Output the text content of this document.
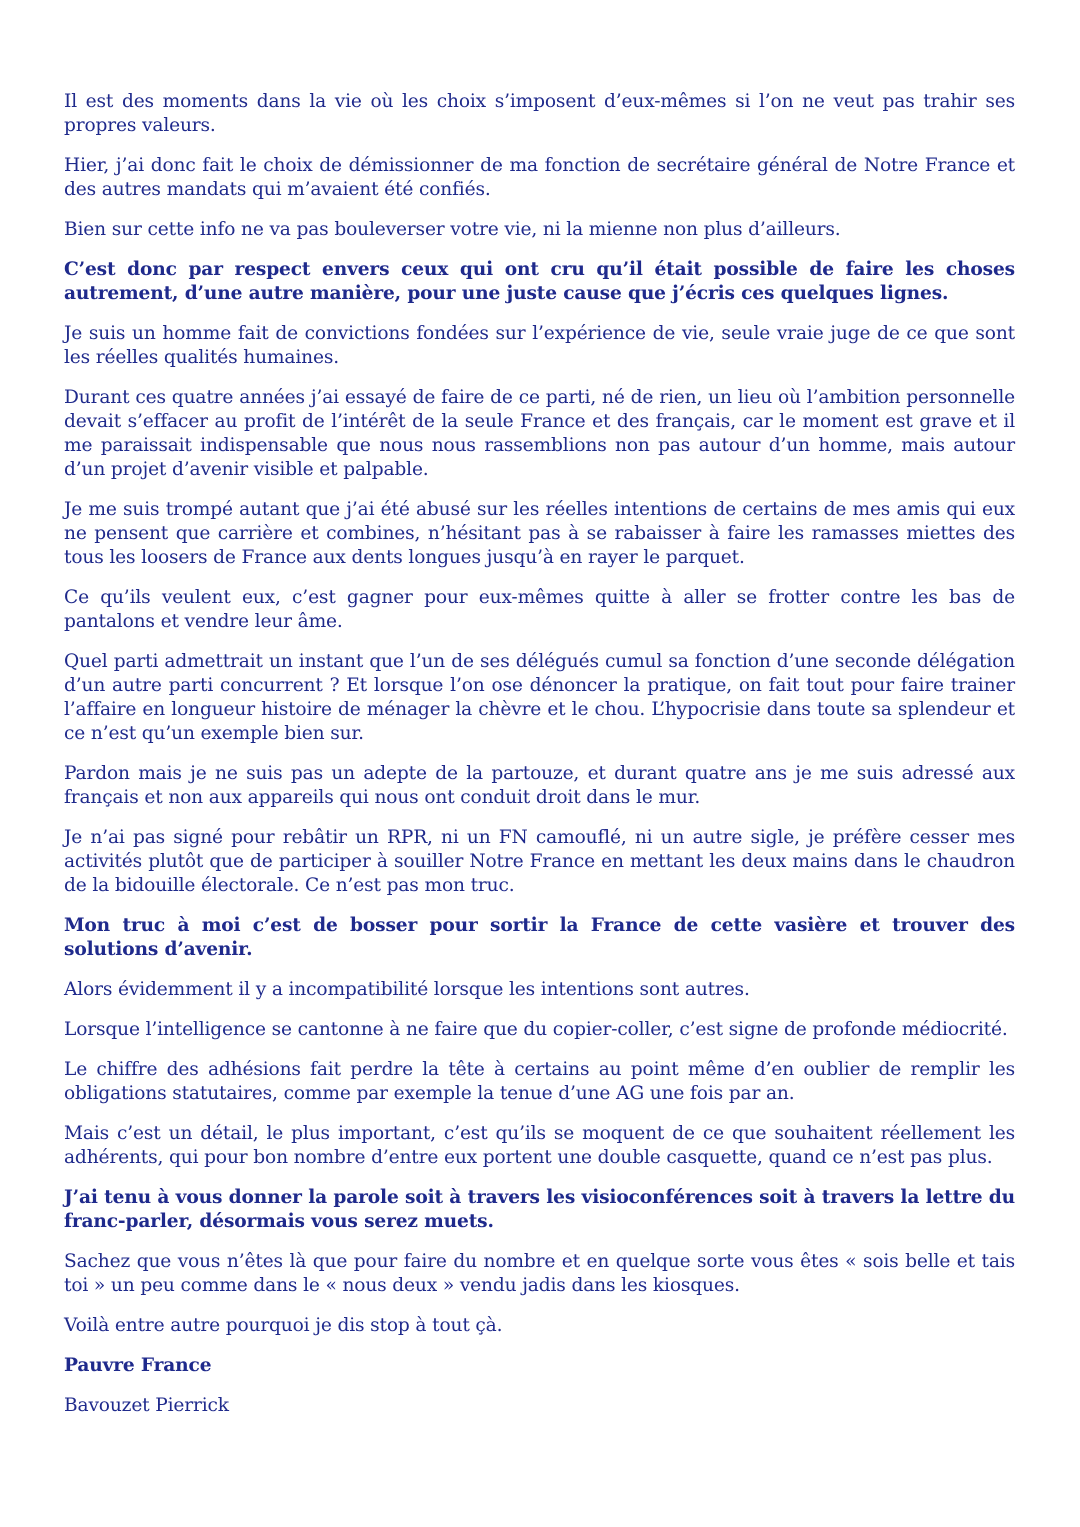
Il est des moments dans la vie où les choix s’imposent d’eux-mêmes si l’on ne veut pas trahir ses propres valeurs.

Hier, j’ai donc fait le choix de démissionner de ma fonction de secrétaire général de Notre France et des autres mandats qui m’avaient été confiés.

Bien sur cette info ne va pas bouleverser votre vie, ni la mienne non plus d’ailleurs.

C’est donc par respect envers ceux qui ont cru qu’il était possible de faire les choses autrement, d’une autre manière, pour une juste cause que j’écris ces quelques lignes.

Je suis un homme fait de convictions fondées sur l’expérience de vie, seule vraie juge de ce que sont les réelles qualités humaines.

Durant ces quatre années j’ai essayé de faire de ce parti, né de rien, un lieu où l’ambition personnelle devait s’effacer au profit de l’intérêt de la seule France et des français, car le moment est grave et il me paraissait indispensable que nous nous rassemblions non pas autour d’un homme, mais autour d’un projet d’avenir visible et palpable.

Je me suis trompé autant que j’ai été abusé sur les réelles intentions de certains de mes amis qui eux ne pensent que carrière et combines, n’hésitant pas à se rabaisser à faire les ramasses miettes des tous les loosers de France aux dents longues jusqu’à en rayer le parquet.

Ce qu’ils veulent eux, c’est gagner pour eux-mêmes quitte à aller se frotter contre les bas de pantalons et vendre leur âme.

Quel parti admettrait un instant que l’un de ses délégués cumul sa fonction d’une seconde délégation d’un autre parti concurrent ? Et lorsque l’on ose dénoncer la pratique, on fait tout pour faire trainer l’affaire en longueur histoire de ménager la chèvre et le chou. L’hypocrisie dans toute sa splendeur et ce n’est qu’un exemple bien sur.

Pardon mais je ne suis pas un adepte de la partouze, et durant quatre ans je me suis adressé aux français et non aux appareils qui nous ont conduit droit dans le mur.

Je n’ai pas signé pour rebâtir un RPR, ni un FN camouflé, ni un autre sigle, je préfère cesser mes activités plutôt que de participer à souiller Notre France en mettant les deux mains dans le chaudron de la bidouille électorale. Ce n’est pas mon truc.

Mon truc à moi c’est de bosser pour sortir la France de cette vasière et trouver des solutions d’avenir.

Alors évidemment il y a incompatibilité lorsque les intentions sont autres.

Lorsque l’intelligence se cantonne à ne faire que du copier-coller, c’est signe de profonde médiocrité.

Le chiffre des adhésions fait perdre la tête à certains au point même d’en oublier de remplir les obligations statutaires, comme par exemple la tenue d’une AG une fois par an.

Mais c’est un détail, le plus important, c’est qu’ils se moquent de ce que souhaitent réellement les adhérents, qui pour bon nombre d’entre eux portent une double casquette, quand ce n’est pas plus.

J’ai tenu à vous donner la parole soit à travers les visioconférences soit à travers la lettre du franc-parler, désormais vous serez muets.

Sachez que vous n’êtes là que pour faire du nombre et en quelque sorte vous êtes « sois belle et tais toi » un peu comme dans le « nous deux » vendu jadis dans les kiosques.

Voilà entre autre pourquoi je dis stop à tout çà.

Pauvre France

Bavouzet Pierrick
